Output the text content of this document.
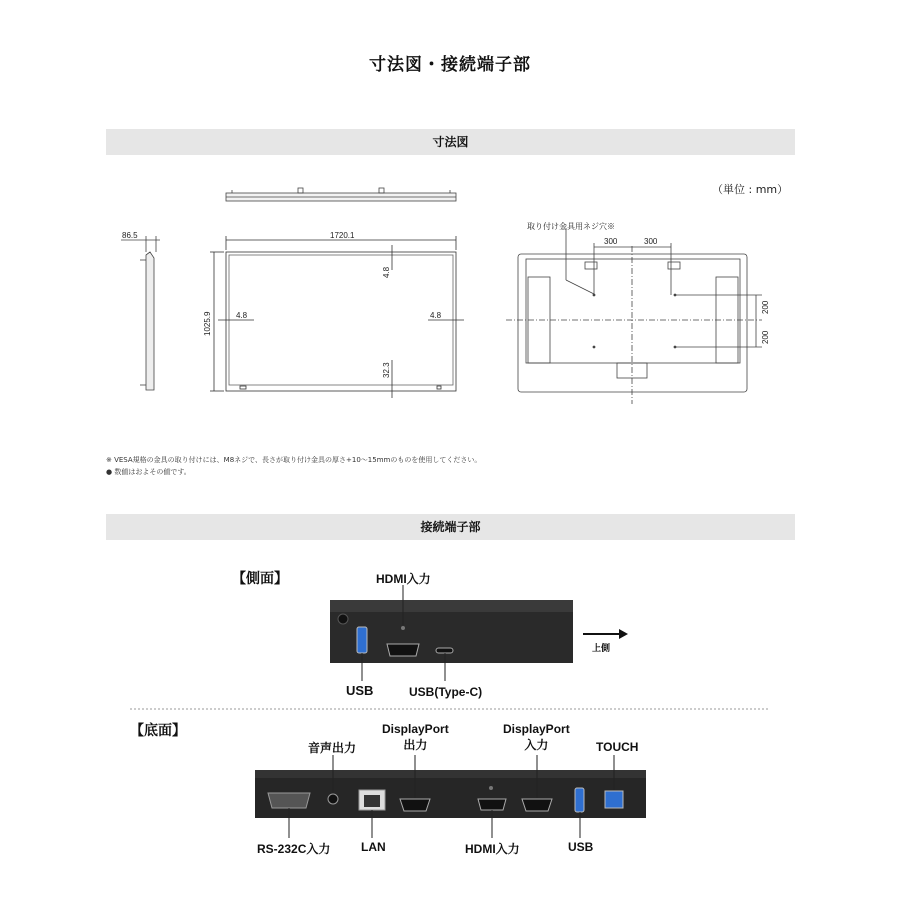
寸法図・接続端子部
寸法図
（単位 : mm）
86.5	1720.1
1025.9	4.8	4.8
4.8
32.3
300	300
200
200
取り付け金具用ネジ穴※
※ VESA規格の金具の取り付けには、M8ネジで、長さが取り付け金具の厚さ+10〜15mmのものを使用してください。
● 数値はおよその値です。
接続端子部
【側面】	HDMI入力
USB	USB(Type-C)
上側
【底面】
音声出力
DisplayPort
出力
DisplayPort
入力	TOUCH
RS-232C入力	LAN	HDMI入力	USB
